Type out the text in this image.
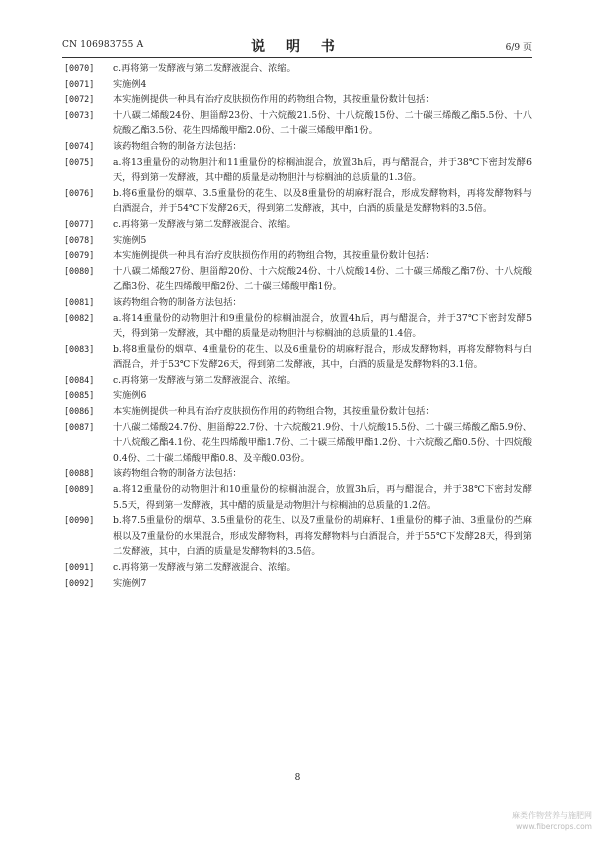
CN 106983755 A	说 明 书	6/9 页
[0070] c.再将第一发酵液与第二发酵液混合、浓缩。
[0071] 实施例4
[0072] 本实施例提供一种具有治疗皮肤损伤作用的药物组合物，其按重量份数计包括：
[0073] 十八碳二烯酸24份、胆甾醇23份、十六烷酸21.5份、十八烷酸15份、二十碳三烯酸乙酯5.5份、十八烷酸乙酯3.5份、花生四烯酸甲酯2.0份、二十碳三烯酸甲酯1份。
[0074] 该药物组合物的制备方法包括：
[0075] a.将13重量份的动物胆汁和11重量份的棕榈油混合，放置3h后，再与醋混合，并于38℃下密封发酵6天，得到第一发酵液，其中醋的质量是动物胆汁与棕榈油的总质量的1.3倍。
[0076] b.将6重量份的烟草、3.5重量份的花生、以及8重量份的胡麻籽混合，形成发酵物料，再将发酵物料与白酒混合，并于54℃下发酵26天，得到第二发酵液，其中，白酒的质量是发酵物料的3.5倍。
[0077] c.再将第一发酵液与第二发酵液混合、浓缩。
[0078] 实施例5
[0079] 本实施例提供一种具有治疗皮肤损伤作用的药物组合物，其按重量份数计包括：
[0080] 十八碳二烯酸27份、胆甾醇20份、十六烷酸24份、十八烷酸14份、二十碳三烯酸乙酯7份、十八烷酸乙酯3份、花生四烯酸甲酯2份、二十碳三烯酸甲酯1份。
[0081] 该药物组合物的制备方法包括：
[0082] a.将14重量份的动物胆汁和9重量份的棕榈油混合，放置4h后，再与醋混合，并于37℃下密封发酵5天，得到第一发酵液，其中醋的质量是动物胆汁与棕榈油的总质量的1.4倍。
[0083] b.将8重量份的烟草、4重量份的花生、以及6重量份的胡麻籽混合，形成发酵物料，再将发酵物料与白酒混合，并于53℃下发酵26天，得到第二发酵液，其中，白酒的质量是发酵物料的3.1倍。
[0084] c.再将第一发酵液与第二发酵液混合、浓缩。
[0085] 实施例6
[0086] 本实施例提供一种具有治疗皮肤损伤作用的药物组合物，其按重量份数计包括：
[0087] 十八碳二烯酸24.7份、胆甾醇22.7份、十六烷酸21.9份、十八烷酸15.5份、二十碳三烯酸乙酯5.9份、十八烷酸乙酯4.1份、花生四烯酸甲酯1.7份、二十碳三烯酸甲酯1.2份、十六烷酸乙酯0.5份、十四烷酸0.4份、二十碳二烯酸甲酯0.8、及辛酸0.03份。
[0088] 该药物组合物的制备方法包括：
[0089] a.将12重量份的动物胆汁和10重量份的棕榈油混合，放置3h后，再与醋混合，并于38℃下密封发酵5.5天，得到第一发酵液，其中醋的质量是动物胆汁与棕榈油的总质量的1.2倍。
[0090] b.将7.5重量份的烟草、3.5重量份的花生、以及7重量份的胡麻籽、1重量份的椰子油、3重量份的苎麻根以及7重量份的水果混合，形成发酵物料，再将发酵物料与白酒混合，并于55℃下发酵28天，得到第二发酵液，其中，白酒的质量是发酵物料的3.5倍。
[0091] c.再将第一发酵液与第二发酵液混合、浓缩。
[0092] 实施例7
8
麻类作物营养与施肥网
www.fibercrops.com
